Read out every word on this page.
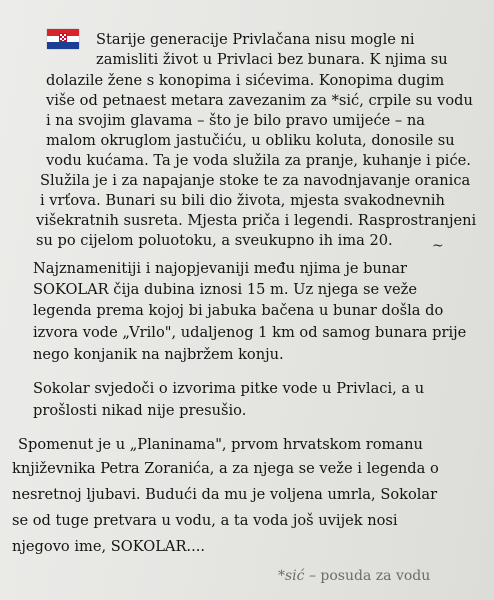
Starije generacije Privlačana nisu mogle ni
zamisliti život u Privlaci bez bunara. K njima su
dolazile žene s konopima i sićevima. Konopima dugim
više od petnaest metara zavezanim za *sić, crpile su vodu
i na svojim glavama – što je bilo pravo umijeće – na
malom okruglom jastučiću, u obliku koluta, donosile su
vodu kućama. Ta je voda služila za pranje, kuhanje i piće.
Služila je i za napajanje stoke te za navodnjavanje oranica
i vrťova. Bunari su bili dio života, mjesta svakodnevnih
višekratnih susreta. Mjesta priča i legendi. Rasprostranjeni
su po cijelom poluotoku, a sveukupno ih ima 20.	~
Najznamenitiji i najopjevaniji među njima je bunar
SOKOLAR čija dubina iznosi 15 m. Uz njega se veže
legenda prema kojoj bi jabuka bačena u bunar došla do
izvora vode „Vrilo", udaljenog 1 km od samog bunara prije
nego konjanik na najbržem konju.
Sokolar svjedoči o izvorima pitke vode u Privlaci, a u
prošlosti nikad nije presušio.
Spomenut je u „Planinama", prvom hrvatskom romanu
književnika Petra Zoranića, a za njega se veže i legenda o
nesretnoj ljubavi. Budući da mu je voljena umrla, Sokolar
se od tuge pretvara u vodu, a ta voda još uvijek nosi
njegovo ime, SOKOLAR....
*sić – posuda za vodu
